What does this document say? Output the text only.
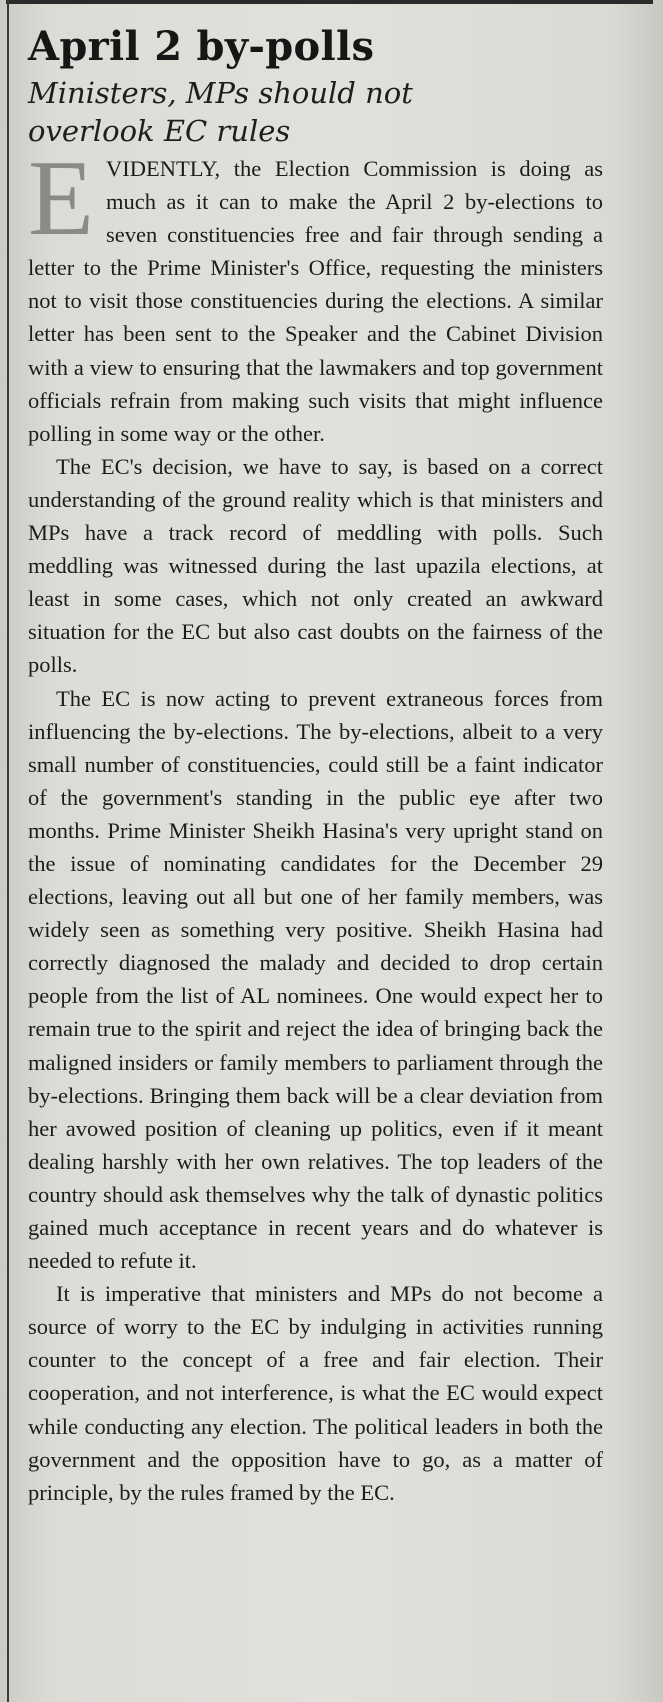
April 2 by-polls
Ministers, MPs should not
overlook EC rules

EVIDENTLY, the Election Commission is doing as much as it can to make the April 2 by-elections to seven constituencies free and fair through sending a letter to the Prime Minister's Office, requesting the ministers not to visit those constituencies during the elections. A similar letter has been sent to the Speaker and the Cabinet Division with a view to ensuring that the lawmakers and top government officials refrain from making such visits that might influence polling in some way or the other.

The EC's decision, we have to say, is based on a correct understanding of the ground reality which is that ministers and MPs have a track record of meddling with polls. Such meddling was witnessed during the last upazila elections, at least in some cases, which not only created an awkward situation for the EC but also cast doubts on the fairness of the polls.

The EC is now acting to prevent extraneous forces from influencing the by-elections. The by-elections, albeit to a very small number of constituencies, could still be a faint indicator of the government's standing in the public eye after two months. Prime Minister Sheikh Hasina's very upright stand on the issue of nominating candidates for the December 29 elections, leaving out all but one of her family members, was widely seen as something very positive. Sheikh Hasina had correctly diagnosed the malady and decided to drop certain people from the list of AL nominees. One would expect her to remain true to the spirit and reject the idea of bringing back the maligned insiders or family members to parliament through the by-elections. Bringing them back will be a clear deviation from her avowed position of cleaning up politics, even if it meant dealing harshly with her own relatives. The top leaders of the country should ask themselves why the talk of dynastic politics gained much acceptance in recent years and do whatever is needed to refute it.

It is imperative that ministers and MPs do not become a source of worry to the EC by indulging in activities running counter to the concept of a free and fair election. Their cooperation, and not interference, is what the EC would expect while conducting any election. The political leaders in both the government and the opposition have to go, as a matter of principle, by the rules framed by the EC.
